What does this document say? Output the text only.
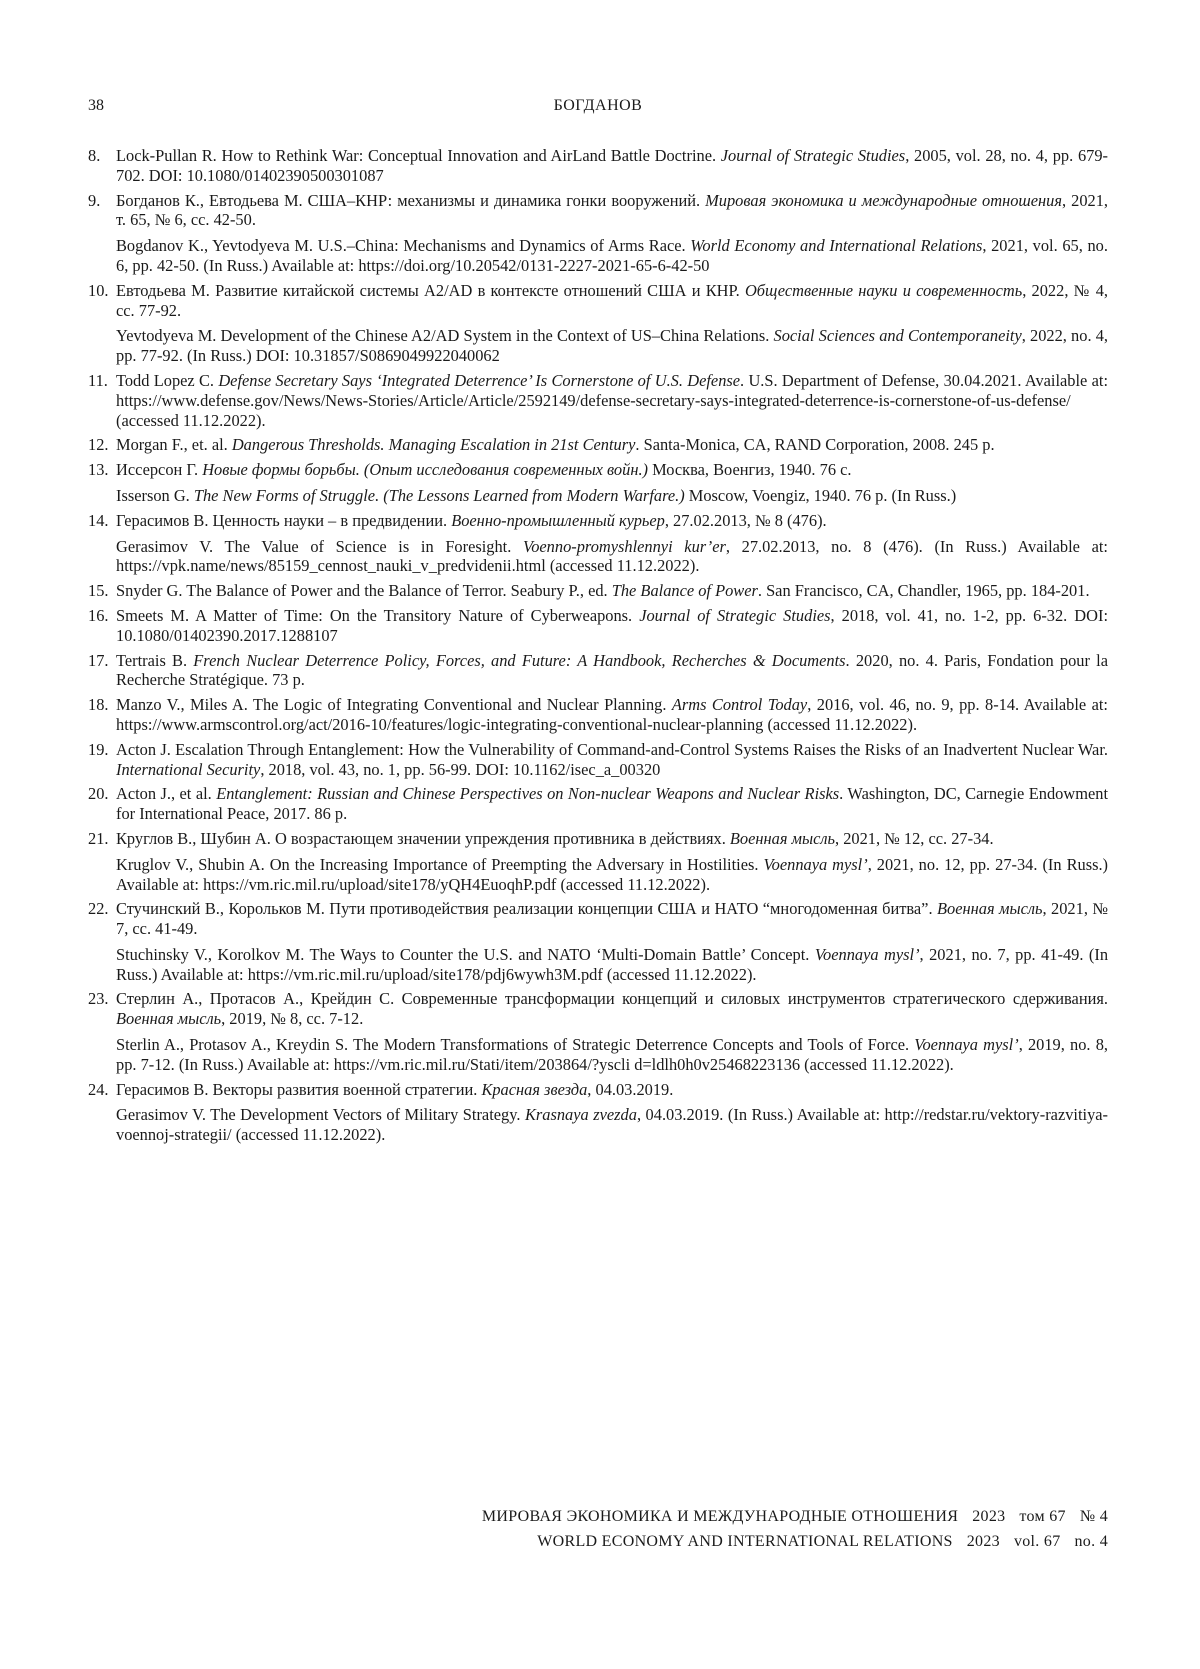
38	БОГДАНОВ
8. Lock-Pullan R. How to Rethink War: Conceptual Innovation and AirLand Battle Doctrine. Journal of Strategic Studies, 2005, vol. 28, no. 4, pp. 679-702. DOI: 10.1080/01402390500301087

9. Богданов К., Евтодьева М. США–КНР: механизмы и динамика гонки вооружений. Мировая экономика и международные отношения, 2021, т. 65, № 6, сс. 42-50.

Bogdanov K., Yevtodyeva M. U.S.–China: Mechanisms and Dynamics of Arms Race. World Economy and International Relations, 2021, vol. 65, no. 6, pp. 42-50. (In Russ.) Available at: https://doi.org/10.20542/0131-2227-2021-65-6-42-50

10. Евтодьева М. Развитие китайской системы A2/AD в контексте отношений США и КНР. Общественные науки и современность, 2022, № 4, сс. 77-92.

Yevtodyeva M. Development of the Chinese A2/AD System in the Context of US–China Relations. Social Sciences and Contemporaneity, 2022, no. 4, pp. 77-92. (In Russ.) DOI: 10.31857/S0869049922040062

11. Todd Lopez C. Defense Secretary Says ‘Integrated Deterrence’ Is Cornerstone of U.S. Defense. U.S. Department of Defense, 30.04.2021. Available at: https://www.defense.gov/News/News-Stories/Article/Article/2592149/defense-secretary-says-integrated-deterrence-is-cornerstone-of-us-defense/ (accessed 11.12.2022).

12. Morgan F., et. al. Dangerous Thresholds. Managing Escalation in 21st Century. Santa-Monica, CA, RAND Corporation, 2008. 245 p.

13. Иссерсон Г. Новые формы борьбы. (Опыт исследования современных войн.) Москва, Военгиз, 1940. 76 с.

Isserson G. The New Forms of Struggle. (The Lessons Learned from Modern Warfare.) Moscow, Voengiz, 1940. 76 p. (In Russ.)

14. Герасимов В. Ценность науки – в предвидении. Военно-промышленный курьер, 27.02.2013, № 8 (476).

Gerasimov V. The Value of Science is in Foresight. Voenno-promyshlennyi kur’er, 27.02.2013, no. 8 (476). (In Russ.) Available at: https://vpk.name/news/85159_cennost_nauki_v_predvidenii.html (accessed 11.12.2022).

15. Snyder G. The Balance of Power and the Balance of Terror. Seabury P., ed. The Balance of Power. San Francisco, CA, Chandler, 1965, pp. 184-201.

16. Smeets M. A Matter of Time: On the Transitory Nature of Cyberweapons. Journal of Strategic Studies, 2018, vol. 41, no. 1-2, pp. 6-32. DOI: 10.1080/01402390.2017.1288107

17. Tertrais B. French Nuclear Deterrence Policy, Forces, and Future: A Handbook, Recherches & Documents. 2020, no. 4. Paris, Fondation pour la Recherche Stratégique. 73 p.

18. Manzo V., Miles A. The Logic of Integrating Conventional and Nuclear Planning. Arms Control Today, 2016, vol. 46, no. 9, pp. 8-14. Available at: https://www.armscontrol.org/act/2016-10/features/logic-integrating-conventional-nuclear-planning (accessed 11.12.2022).

19. Acton J. Escalation Through Entanglement: How the Vulnerability of Command-and-Control Systems Raises the Risks of an Inadvertent Nuclear War. International Security, 2018, vol. 43, no. 1, pp. 56-99. DOI: 10.1162/isec_a_00320

20. Acton J., et al. Entanglement: Russian and Chinese Perspectives on Non-nuclear Weapons and Nuclear Risks. Washington, DC, Carnegie Endowment for International Peace, 2017. 86 p.

21. Круглов В., Шубин А. О возрастающем значении упреждения противника в действиях. Военная мысль, 2021, № 12, сс. 27-34.

Kruglov V., Shubin A. On the Increasing Importance of Preempting the Adversary in Hostilities. Voennaya mysl’, 2021, no. 12, pp. 27-34. (In Russ.) Available at: https://vm.ric.mil.ru/upload/site178/yQH4EuoqhP.pdf (accessed 11.12.2022).

22. Стучинский В., Корольков М. Пути противодействия реализации концепции США и НАТО “многодоменная битва”. Военная мысль, 2021, № 7, сс. 41-49.

Stuchinsky V., Korolkov M. The Ways to Counter the U.S. and NATO ‘Multi-Domain Battle’ Concept. Voennaya mysl’, 2021, no. 7, pp. 41-49. (In Russ.) Available at: https://vm.ric.mil.ru/upload/site178/pdj6wywh3M.pdf (accessed 11.12.2022).

23. Стерлин А., Протасов А., Крейдин С. Современные трансформации концепций и силовых инструментов стратегического сдерживания. Военная мысль, 2019, № 8, сс. 7-12.

Sterlin A., Protasov A., Kreydin S. The Modern Transformations of Strategic Deterrence Concepts and Tools of Force. Voennaya mysl’, 2019, no. 8, pp. 7-12. (In Russ.) Available at: https://vm.ric.mil.ru/Stati/item/203864/?yscli d=ldlh0h0v25468223136 (accessed 11.12.2022).

24. Герасимов В. Векторы развития военной стратегии. Красная звезда, 04.03.2019.

Gerasimov V. The Development Vectors of Military Strategy. Krasnaya zvezda, 04.03.2019. (In Russ.) Available at: http://redstar.ru/vektory-razvitiya-voennoj-strategii/ (accessed 11.12.2022).

МИРОВАЯ ЭКОНОМИКА И МЕЖДУНАРОДНЫЕ ОТНОШЕНИЯ 2023 том 67 № 4
WORLD ECONOMY AND INTERNATIONAL RELATIONS 2023 vol. 67 no. 4
